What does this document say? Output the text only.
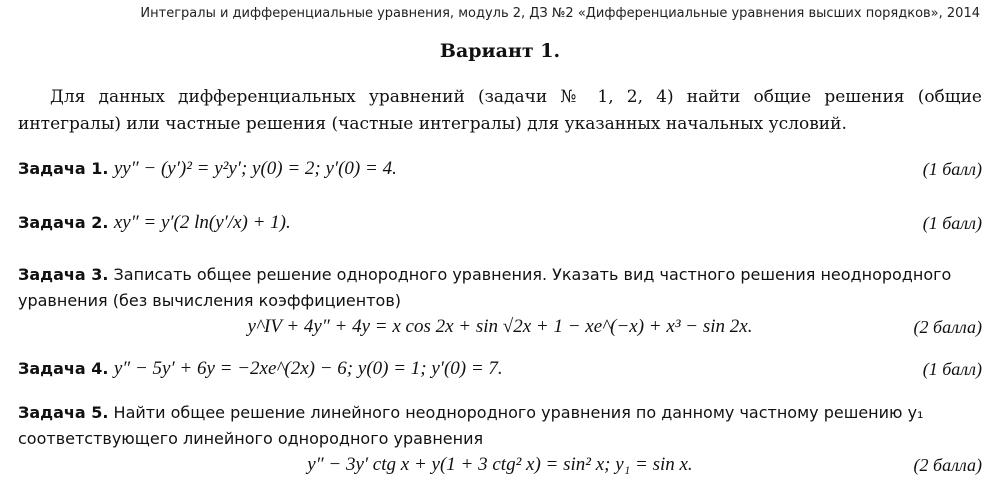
Интегралы и дифференциальные уравнения, модуль 2, ДЗ №2 «Дифференциальные уравнения высших порядков», 2014
Вариант 1.
Для данных дифференциальных уравнений (задачи № 1, 2, 4) найти общие решения (общие интегралы) или частные решения (частные интегралы) для указанных начальных условий.
Задача 1. yy″ − (y′)² = y²y′; y(0) = 2; y′(0) = 4.	(1 балл)
Задача 2. xy″ = y′(2 ln(y′/x) + 1).	(1 балл)
Задача 3. Записать общее решение однородного уравнения. Указать вид частного решения неоднородного уравнения (без вычисления коэффициентов)
y^IV + 4y″ + 4y = x cos 2x + sin √2x + 1 − xe^(−x) + x³ − sin 2x.	(2 балла)
Задача 4. y″ − 5y′ + 6y = −2xe^(2x) − 6; y(0) = 1; y′(0) = 7.	(1 балл)
Задача 5. Найти общее решение линейного неоднородного уравнения по данному частному решению y₁ соответствующего линейного однородного уравнения
y″ − 3y′ ctg x + y(1 + 3 ctg² x) = sin² x; y₁ = sin x.	(2 балла)
